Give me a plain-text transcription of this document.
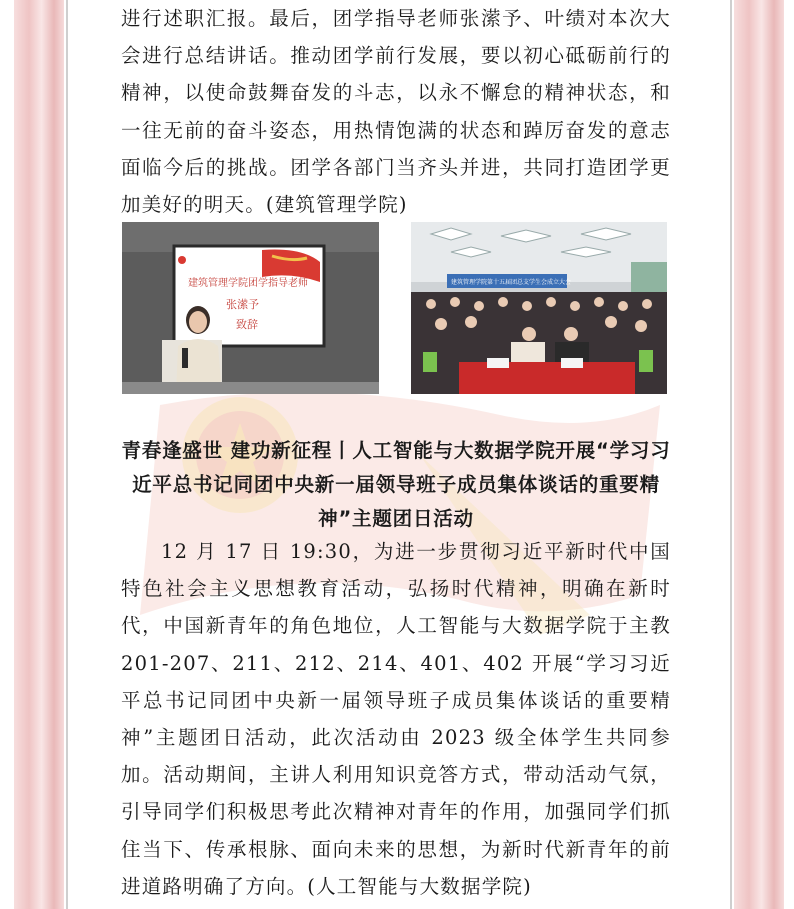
进行述职汇报。最后，团学指导老师张潆予、叶绩对本次大会进行总结讲话。推动团学前行发展，要以初心砥砺前行的精神，以使命鼓舞奋发的斗志，以永不懈怠的精神状态，和一往无前的奋斗姿态，用热情饱满的状态和踔厉奋发的意志面临今后的挑战。团学各部门当齐头并进，共同打造团学更加美好的明天。(建筑管理学院)

建筑管理学院团学指导老师
张潆予
致辞
建筑管理学院第十五届团总支学生会成立大会
青春逢盛世 建功新征程丨人工智能与大数据学院开展“学习习近平总书记同团中央新一届领导班子成员集体谈话的重要精神”主题团日活动

12 月 17 日 19:30，为进一步贯彻习近平新时代中国特色社会主义思想教育活动，弘扬时代精神，明确在新时代，中国新青年的角色地位，人工智能与大数据学院于主教 201-207、211、212、214、401、402 开展“学习习近平总书记同团中央新一届领导班子成员集体谈话的重要精神”主题团日活动，此次活动由 2023 级全体学生共同参加。活动期间，主讲人利用知识竞答方式，带动活动气氛，引导同学们积极思考此次精神对青年的作用，加强同学们抓住当下、传承根脉、面向未来的思想，为新时代新青年的前进道路明确了方向。(人工智能与大数据学院)
